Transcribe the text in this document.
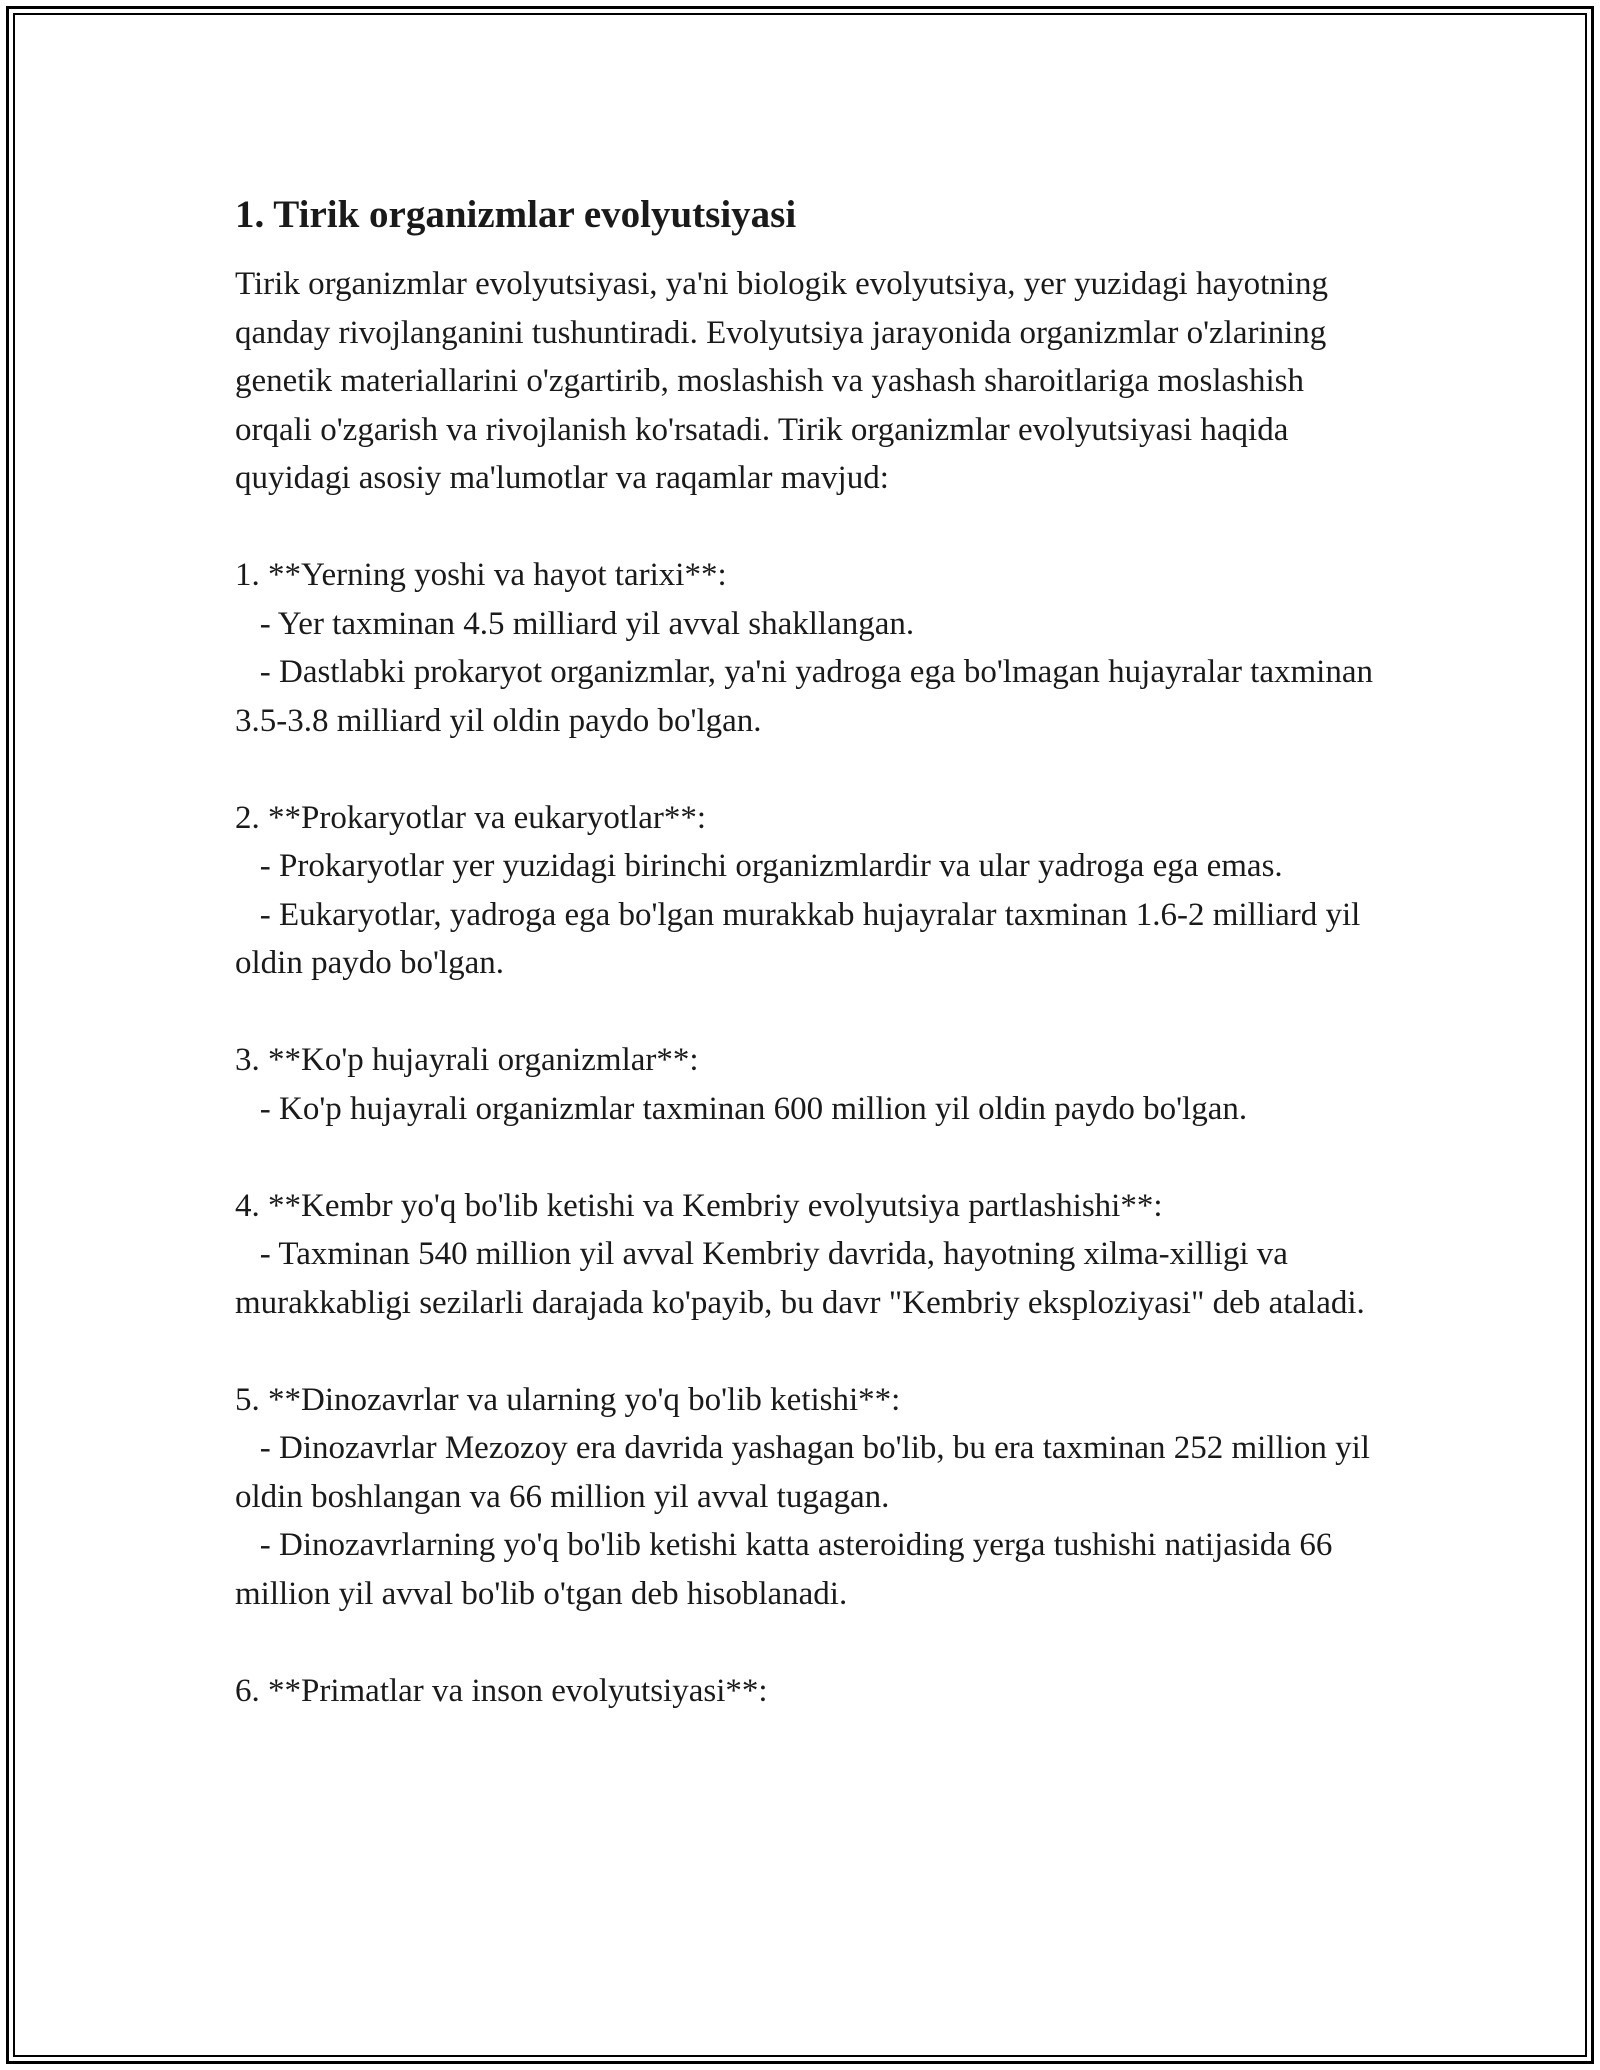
1. Tirik organizmlar evolyutsiyasi

Tirik organizmlar evolyutsiyasi, ya'ni biologik evolyutsiya, yer yuzidagi hayotning qanday rivojlanganini tushuntiradi. Evolyutsiya jarayonida organizmlar o'zlarining genetik materiallarini o'zgartirib, moslashish va yashash sharoitlariga moslashish orqali o'zgarish va rivojlanish ko'rsatadi. Tirik organizmlar evolyutsiyasi haqida quyidagi asosiy ma'lumotlar va raqamlar mavjud:

1. **Yerning yoshi va hayot tarixi**:

- Yer taxminan 4.5 milliard yil avval shakllangan.

- Dastlabki prokaryot organizmlar, ya'ni yadroga ega bo'lmagan hujayralar taxminan 3.5-3.8 milliard yil oldin paydo bo'lgan.

2. **Prokaryotlar va eukaryotlar**:

- Prokaryotlar yer yuzidagi birinchi organizmlardir va ular yadroga ega emas.

- Eukaryotlar, yadroga ega bo'lgan murakkab hujayralar taxminan 1.6-2 milliard yil oldin paydo bo'lgan.

3. **Ko'p hujayrali organizmlar**:

- Ko'p hujayrali organizmlar taxminan 600 million yil oldin paydo bo'lgan.

4. **Kembr yo'q bo'lib ketishi va Kembriy evolyutsiya partlashishi**:

- Taxminan 540 million yil avval Kembriy davrida, hayotning xilma-xilligi va murakkabligi sezilarli darajada ko'payib, bu davr "Kembriy eksploziyasi" deb ataladi.

5. **Dinozavrlar va ularning yo'q bo'lib ketishi**:

- Dinozavrlar Mezozoy era davrida yashagan bo'lib, bu era taxminan 252 million yil oldin boshlangan va 66 million yil avval tugagan.

- Dinozavrlarning yo'q bo'lib ketishi katta asteroiding yerga tushishi natijasida 66 million yil avval bo'lib o'tgan deb hisoblanadi.

6. **Primatlar va inson evolyutsiyasi**:
